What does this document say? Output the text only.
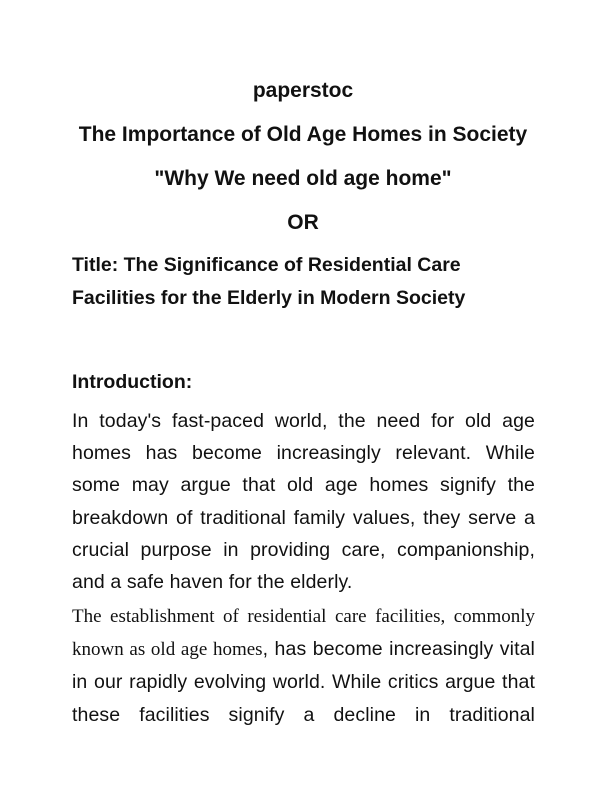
paperstoc
The Importance of Old Age Homes in Society
"Why We need old age home"
OR
Title: The Significance of Residential Care Facilities for the Elderly in Modern Society
Introduction:
In today's fast-paced world, the need for old age homes has become increasingly relevant. While some may argue that old age homes signify the breakdown of traditional family values, they serve a crucial purpose in providing care, companionship, and a safe haven for the elderly.
The establishment of residential care facilities, commonly known as old age homes, has become increasingly vital in our rapidly evolving world. While critics argue that these facilities signify a decline in traditional
